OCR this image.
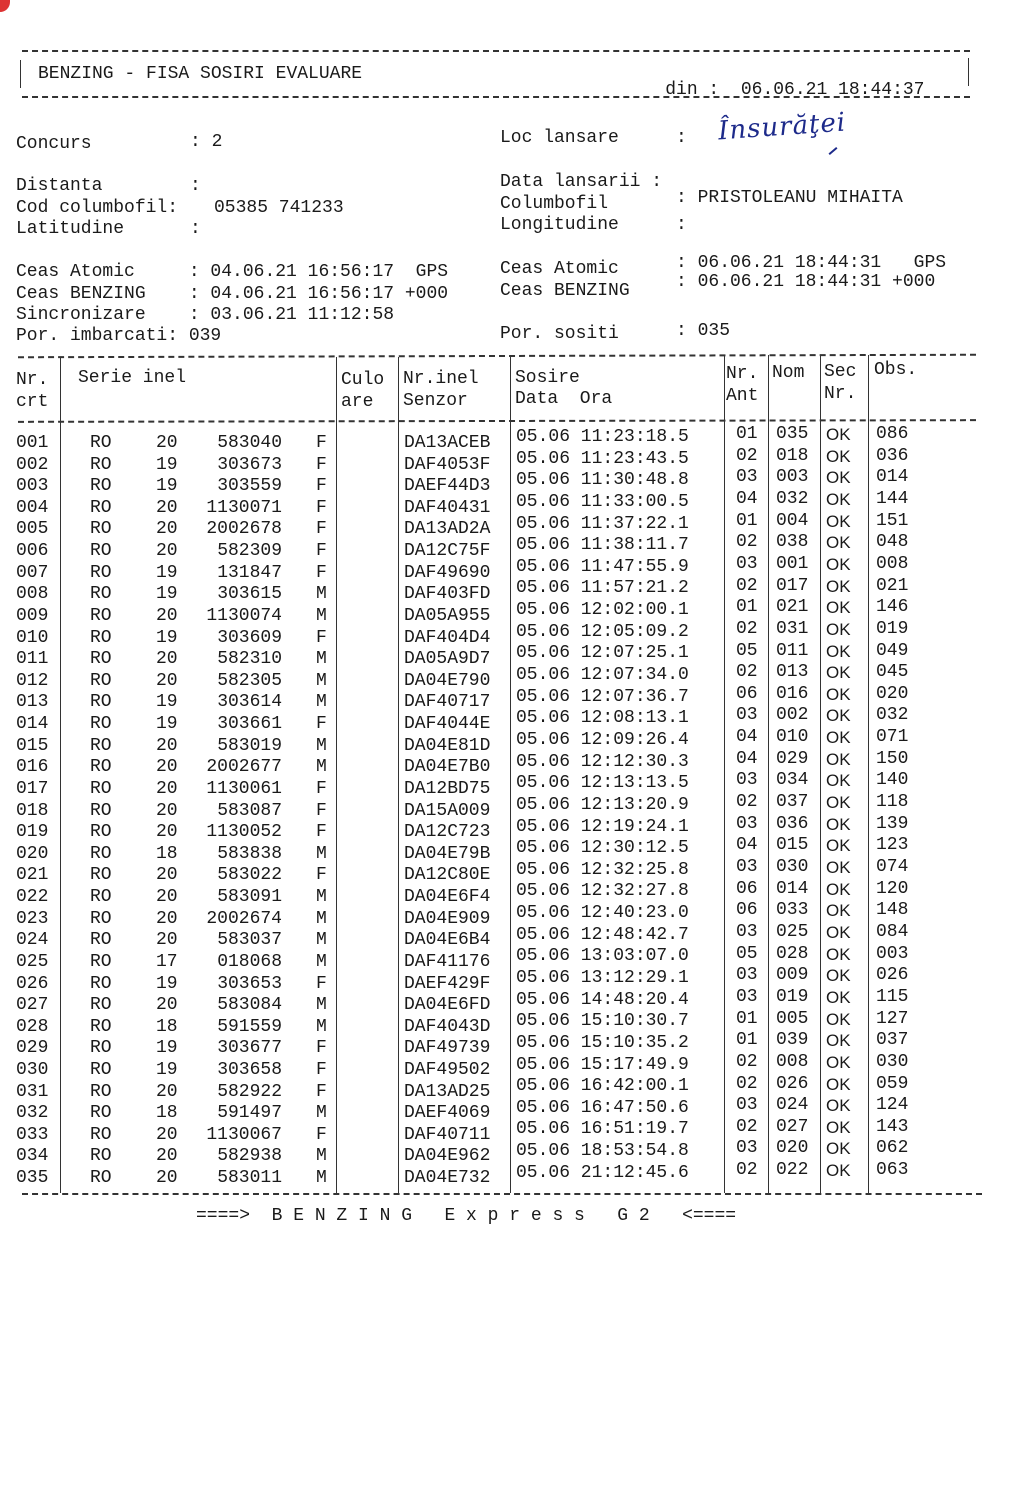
BENZING - FISA SOSIRI EVALUARE

din : 06.06.21 18:44:37

Concurs	: 2	Loc lansare	: Însurăţei
Distanta	:	Data lansarii :
Cod columbofil: 05385 741233	Columbofil	: PRISTOLEANU MIHAITA
Latitudine	:	Longitudine	:
Ceas Atomic     : 04.06.21 16:56:17  GPS
Ceas BENZING    : 04.06.21 16:56:17 +000
Sincronizare    : 03.06.21 11:12:58
Por. imbarcati: 039
Ceas Atomic	: 06.06.21 18:44:31   GPS
Ceas BENZING	: 06.06.21 18:44:31 +000
Por. sositi	: 035
Nr.
crt
Serie inel	Culo
are
Nr.inel
Senzor
Sosire
Data  Ora
Nr.
Ant
Nom Sec
Nr.
Obs.
001 RO 20	583040 F	DA13ACEB 05.06 11:23:18.5	01 035 OK 086
002 RO 19	303673 F	DAF4053F 05.06 11:23:43.5	02 018 OK 036
003 RO 19	303559 F	DAEF44D3 05.06 11:30:48.8	03 003 OK 014
004 RO 20 1130071 F	DAF40431 05.06 11:33:00.5	04 032 OK 144
005 RO 20 2002678 F	DA13AD2A 05.06 11:37:22.1	01 004 OK 151
006 RO 20	582309 F	DA12C75F 05.06 11:38:11.7	02 038 OK 048
007 RO 19	131847 F	DAF49690 05.06 11:47:55.9	03 001 OK 008
008 RO 19	303615 M	DAF403FD 05.06 11:57:21.2	02 017 OK 021
009 RO 20 1130074 M	DA05A955 05.06 12:02:00.1	01 021 OK 146
010 RO 19	303609 F	DAF404D4 05.06 12:05:09.2	02 031 OK 019
011 RO 20	582310 M	DA05A9D7 05.06 12:07:25.1	05 011 OK 049
012 RO 20	582305 M	DA04E790 05.06 12:07:34.0	02 013 OK 045
013 RO 19	303614 M	DAF40717 05.06 12:07:36.7	06 016 OK 020
014 RO 19	303661 F	DAF4044E 05.06 12:08:13.1	03 002 OK 032
015 RO 20	583019 M	DA04E81D 05.06 12:09:26.4	04 010 OK 071
016 RO 20 2002677 M	DA04E7B0 05.06 12:12:30.3	04 029 OK 150
017 RO 20 1130061 F	DA12BD75 05.06 12:13:13.5	03 034 OK 140
018 RO 20	583087 F	DA15A009 05.06 12:13:20.9	02 037 OK 118
019 RO 20 1130052 F	DA12C723 05.06 12:19:24.1	03 036 OK 139
020 RO 18	583838 M	DA04E79B 05.06 12:30:12.5	04 015 OK 123
021 RO 20	583022 F	DA12C80E 05.06 12:32:25.8	03 030 OK 074
022 RO 20	583091 M	DA04E6F4 05.06 12:32:27.8	06 014 OK 120
023 RO 20 2002674 M	DA04E909 05.06 12:40:23.0	06 033 OK 148
024 RO 20	583037 M	DA04E6B4 05.06 12:48:42.7	03 025 OK 084
025 RO 17	018068 M	DAF41176 05.06 13:03:07.0	05 028 OK 003
026 RO 19	303653 F	DAEF429F 05.06 13:12:29.1	03 009 OK 026
027 RO 20	583084 M	DA04E6FD 05.06 14:48:20.4	03 019 OK 115
028 RO 18	591559 M	DAF4043D 05.06 15:10:30.7	01 005 OK 127
029 RO 19	303677 F	DAF49739 05.06 15:10:35.2	01 039 OK 037
030 RO 19	303658 F	DAF49502 05.06 15:17:49.9	02 008 OK 030
031 RO 20	582922 F	DA13AD25 05.06 16:42:00.1	02 026 OK 059
032 RO 18	591497 M	DAEF4069 05.06 16:47:50.6	03 024 OK 124
033 RO 20 1130067 F	DAF40711 05.06 16:51:19.7	02 027 OK 143
034 RO 20	582938 M	DA04E962 05.06 18:53:54.8	03 020 OK 062
035 RO 20	583011 M	DA04E732 05.06 21:12:45.6	02 022 OK 063
====>  B E N Z I N G   E x p r e s s   G 2   <====
